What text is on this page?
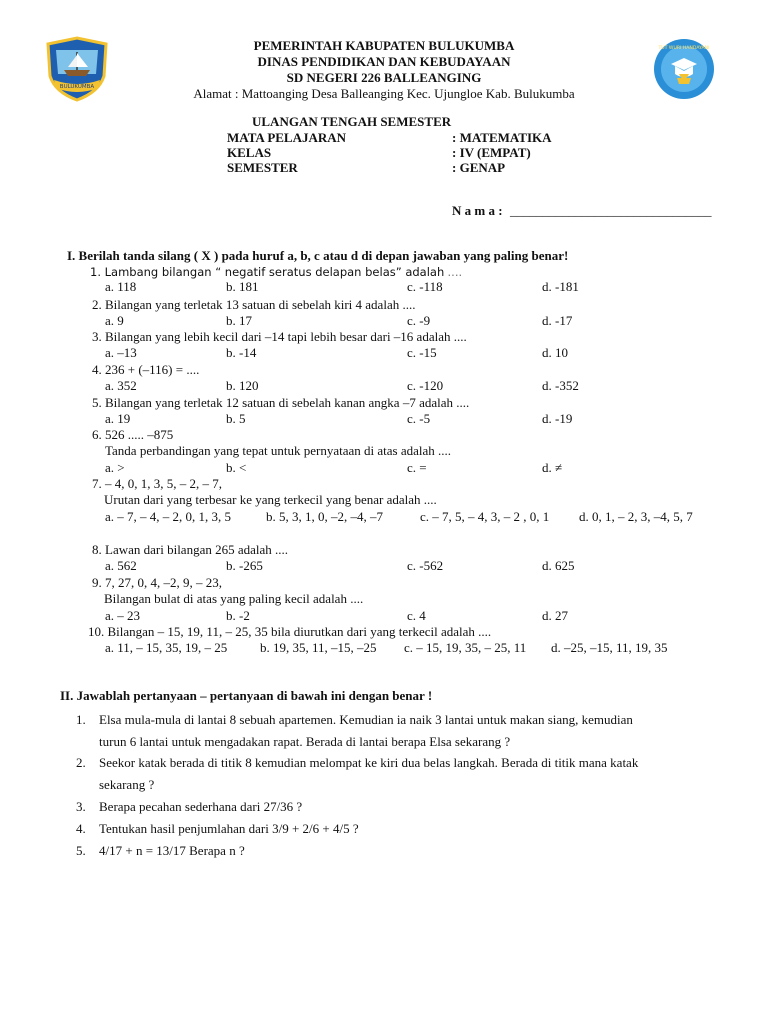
BULUKUMBA
TUT WURI HANDAYANI
PEMERINTAH KABUPATEN BULUKUMBA
DINAS PENDIDIKAN DAN KEBUDAYAAN
SD NEGERI 226 BALLEANGING
Alamat : Mattoanging Desa Balleanging Kec. Ujungloe Kab. Bulukumba
ULANGAN TENGAH SEMESTER
MATA PELAJARAN	: MATEMATIKA
KELAS	: IV (EMPAT)
SEMESTER	: GENAP
N a m a : _______________________________
I. Berilah tanda silang ( X ) pada huruf a, b, c atau d di depan jawaban yang paling benar!
1. Lambang bilangan “ negatif seratus delapan belas” adalah ....
a. 118	b. 181	c. -118	d. -181
2. Bilangan yang terletak 13 satuan di sebelah kiri 4 adalah ....
a. 9	b. 17	c. -9	d. -17
3. Bilangan yang lebih kecil dari –14 tapi lebih besar dari –16 adalah ....
a. –13	b. -14	c. -15	d. 10
4. 236 + (–116) = ....
a. 352	b. 120	c. -120	d. -352
5. Bilangan yang terletak 12 satuan di sebelah kanan angka –7 adalah ....
a. 19	b. 5	c. -5	d. -19
6. 526 ..... –875
Tanda perbandingan yang tepat untuk pernyataan di atas adalah ....
a. >	b. <	c. =	d. ≠
7. – 4, 0, 1, 3, 5, – 2, – 7,
Urutan dari yang terbesar ke yang terkecil yang benar adalah ....
a. – 7, – 4, – 2, 0, 1, 3, 5	b. 5, 3, 1, 0, –2, –4, –7	c. – 7, 5, – 4, 3, – 2 , 0, 1 d. 0, 1, – 2, 3, –4, 5, 7
8. Lawan dari bilangan 265 adalah ....
a. 562	b. -265	c. -562	d. 625
9. 7, 27, 0, 4, –2, 9, – 23,
Bilangan bulat di atas yang paling kecil adalah ....
a. – 23	b. -2	c. 4	d. 27
10. Bilangan – 15, 19, 11, – 25, 35 bila diurutkan dari yang terkecil adalah ....
a. 11, – 15, 35, 19, – 25	b. 19, 35, 11, –15, –25 c. – 15, 19, 35, – 25, 11 d. –25, –15, 11, 19, 35
II. Jawablah pertanyaan – pertanyaan di bawah ini dengan benar !
1. Elsa mula-mula di lantai 8 sebuah apartemen. Kemudian ia naik 3 lantai untuk makan siang, kemudian
turun 6 lantai untuk mengadakan rapat. Berada di lantai berapa Elsa sekarang ?
2. Seekor katak berada di titik 8 kemudian melompat ke kiri dua belas langkah. Berada di titik mana katak
sekarang ?
3. Berapa pecahan sederhana dari 27/36 ?
4. Tentukan hasil penjumlahan dari 3/9 + 2/6 + 4/5 ?
5. 4/17 + n = 13/17 Berapa n ?
